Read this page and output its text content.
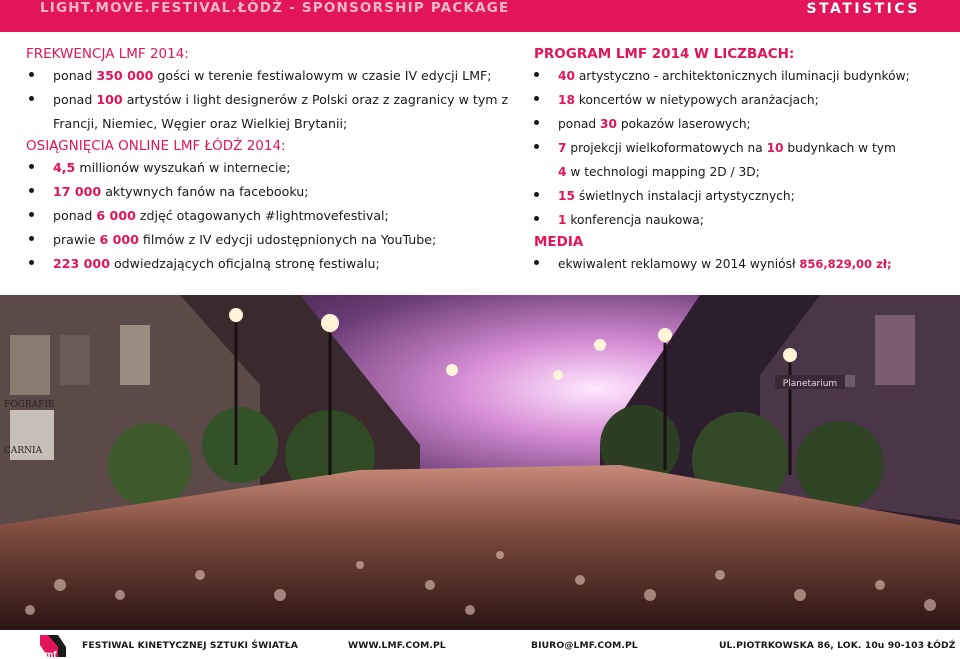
LIGHT.MOVE.FESTIVAL.ŁÓDŹ - SPONSORSHIP PACKAGE	STATISTICS
FREKWENCJA LMF 2014:
ponad 350 000 gości w terenie festiwalowym w czasie IV edycji LMF;
ponad 100 artystów i light designerów z Polski oraz z zagranicy w tym z Francji, Niemiec, Węgier oraz Wielkiej Brytanii;
OSIĄGNIĘCIA ONLINE LMF ŁÓDŹ 2014:
4,5 millionów wyszukań w internecie;
17 000 aktywnych fanów na facebooku;
ponad 6 000 zdjęć otagowanych #lightmovefestival;
prawie 6 000 filmów z IV edycji udostępnionych na YouTube;
223 000 odwiedzających oficjalną stronę festiwalu;
PROGRAM LMF 2014 W LICZBACH:
40 artystyczno - architektonicznych iluminacji budynków;
18 koncertów w nietypowych aranżacjach;
ponad 30 pokazów laserowych;
7 projekcji wielkoformatowych na 10 budynkach w tym
4 w technologi mapping 2D / 3D;
15 świetlnych instalacji artystycznych;
1 konferencja naukowa;
MEDIA
ekwiwalent reklamowy w 2014 wyniósł 856,829,00 zł;
Planetarium
FOGRAFIE
CARNIA
lmf
FESTIWAL KINETYCZNEJ SZTUKI ŚWIATŁA	WWW.LMF.COM.PL	BIURO@LMF.COM.PL	UL.PIOTRKOWSKA 86, LOK. 10u 90-103 ŁÓDŹ
